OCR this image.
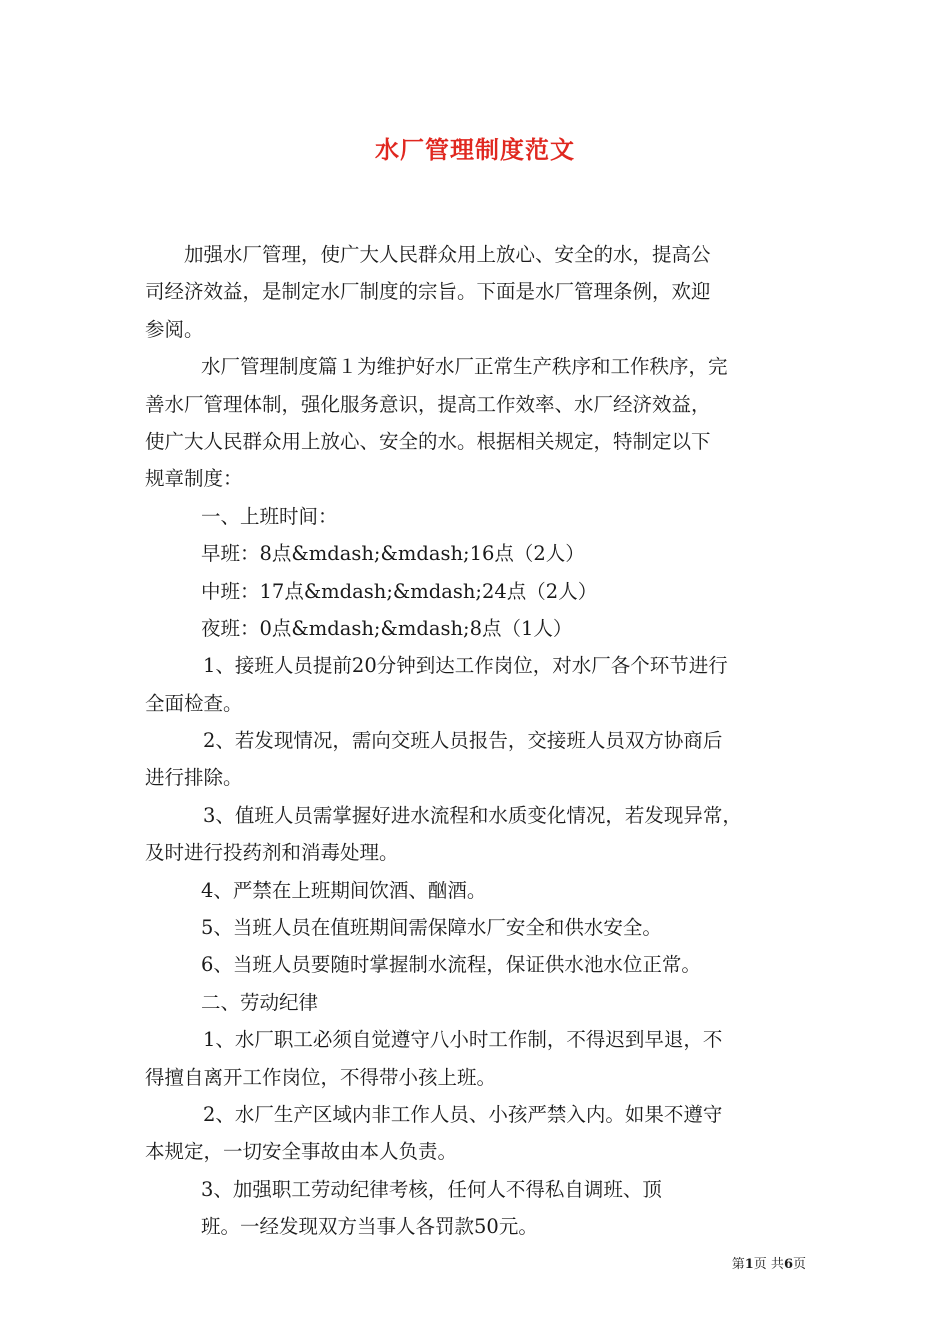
水厂管理制度范文
加强水厂管理，使广大人民群众用上放心、安全的水，提高公
司经济效益，是制定水厂制度的宗旨。下面是水厂管理条例，欢迎
参阅。
水厂管理制度篇１为维护好水厂正常生产秩序和工作秩序，完
善水厂管理体制，强化服务意识，提高工作效率、水厂经济效益，
使广大人民群众用上放心、安全的水。根据相关规定，特制定以下
规章制度：
一、上班时间：
早班：8点&mdash;&mdash;16点（2人）
中班：17点&mdash;&mdash;24点（2人）
夜班：0点&mdash;&mdash;8点（1人）
1、接班人员提前20分钟到达工作岗位，对水厂各个环节进行
全面检查。
2、若发现情况，需向交班人员报告，交接班人员双方协商后
进行排除。
3、值班人员需掌握好进水流程和水质变化情况，若发现异常，
及时进行投药剂和消毒处理。
4、严禁在上班期间饮酒、酗酒。
5、当班人员在值班期间需保障水厂安全和供水安全。
6、当班人员要随时掌握制水流程，保证供水池水位正常。
二、劳动纪律
1、水厂职工必须自觉遵守八小时工作制，不得迟到早退，不
得擅自离开工作岗位，不得带小孩上班。
2、水厂生产区域内非工作人员、小孩严禁入内。如果不遵守
本规定，一切安全事故由本人负责。
3、加强职工劳动纪律考核，任何人不得私自调班、顶
班。一经发现双方当事人各罚款50元。
第1页 共6页
